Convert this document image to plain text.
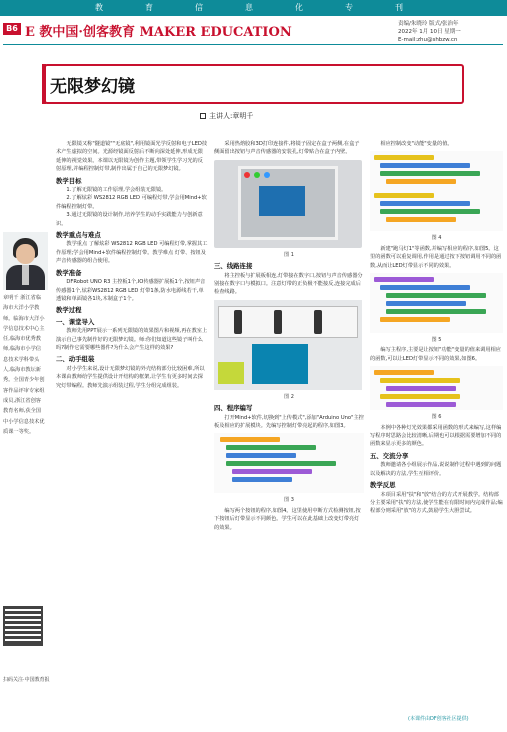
教	育	信	息	化	专	刊
B6 E 教中国·创客教育 MAKER EDUCATION
责编/朱晓玲 版式/张治年
2022年 1月 10日 星期一
E-mail:zhu@shbzw.cn
无限梦幻镜
主讲人:章明千
章明千 浙江省临海市大洋小学教师。临海市大洋小学信息技术中心主任,临海市优秀教师,临海市小学信息技术学科带头人,临海市教坛新秀。全国青少年创客作品评审专家组成员,浙江省创客教育名师,获全国中小学信息技术优质课一等奖。
扫码关注·中国教育报

无限镜又称"隧道镜""无底镜",利用镜面光学反射和电子LED技术产生虚拟的空间。光源经镜面反射后不断向深处延伸,形成无限延伸的视觉效果。本课以无限镜为创作主题,带领学生学习光的反射原理,并编程控制灯带,制作出属于自己的无限梦幻镜。

教学目标

1.了解无限镜的工作原理,学会组装无限镜。

2.了解炫彩 WS2812 RGB LED 可编程灯带,学会用Mind+软件编程控制灯带。

3.通过无限镜的设计制作,培养学生的动手实践能力与创新意识。

教学重点与难点

教学重点 了解炫彩 WS2812 RGB LED 可编程灯带,掌握其工作原理;学会用Mind+软件编程控制灯带。教学难点 灯带、按钮及声音传感器的组合使用。

教学准备

DFRobot UNO R3 主控板1个,IO传感器扩展板1个,按钮声音传感器1个,炫彩WS2812 RGB LED 灯带1条,防水电源线若干,单透镜和单面镜各1块,木制盒子1个。

教学过程
一、课堂导入

教师先用PPT展示一系列无限镜的效果图片和视频,再在教室上演示自己事先制作好的无限梦幻镜。师:你们知道这些镜子叫什么吗?制作它需要哪些器件?为什么会产生这样的效果?

二、动手组装

对小学生来说,设计无限梦幻镜的外壳结构部分比较困难,所以本课由教师给学生提供设计开结构的框架,让学生有更多时间去探究灯带编程。教师先演示组装过程,学生分组完成组装。

采用热熔胶和3D打印连接件,将镜子固定在盒子两侧,在盒子侧面留出按钮与声音传感器的安装孔,灯带贴合在盒子内壁。

图 1
三、线路连接

将主控板与扩展板相连,灯带接在数字口,按钮与声音传感器分别接在数字口与模拟口。注意灯带的正负极不能接反,连接完成后检查线路。

图 2
四、程序编写

打开Mind+软件,切换到"上传模式",添加"Arduino Uno"主控板及相应的扩展模块。先编写控制灯带亮起的程序,如图3。

图 3

编写两个按钮的程序,如图4。这里使用中断方式检测按钮,按下按钮后灯带显示不同颜色。学生可以在此基础上改变灯带亮灯的效果。

相应控制改变"动能"变量的值。

图 4

新建"跑马灯1"等函数,并编写相应的程序,如图5。这里的函数可以重复调用,作用是通过按下按钮调用不同的函数,从而让LED灯带显示不同的效果。

图 5

编写主程序,主要是让按钮"功能"变量的值来调用相应的函数,可以让LED灯带显示不同的效果,如图6。

图 6

本例中各种灯光效果都采用函数的形式来编写,这样编写程序时思路会比较清晰,后期也可以根据需要增加不同的函数来显示更多的颜色。

五、交流分享

教师邀请各小组展示作品,说说制作过程中遇到的问题以及解决的方法,学生互相评价。

教学反思

本项目采用"扶"和"放"结合的方式开展教学。结构部分主要采用"扶"的方法,使学生能在有限时间内完成作品;编程部分则采用"放"的方式,鼓励学生大胆尝试。

(本课件由DF创客社区提供)
